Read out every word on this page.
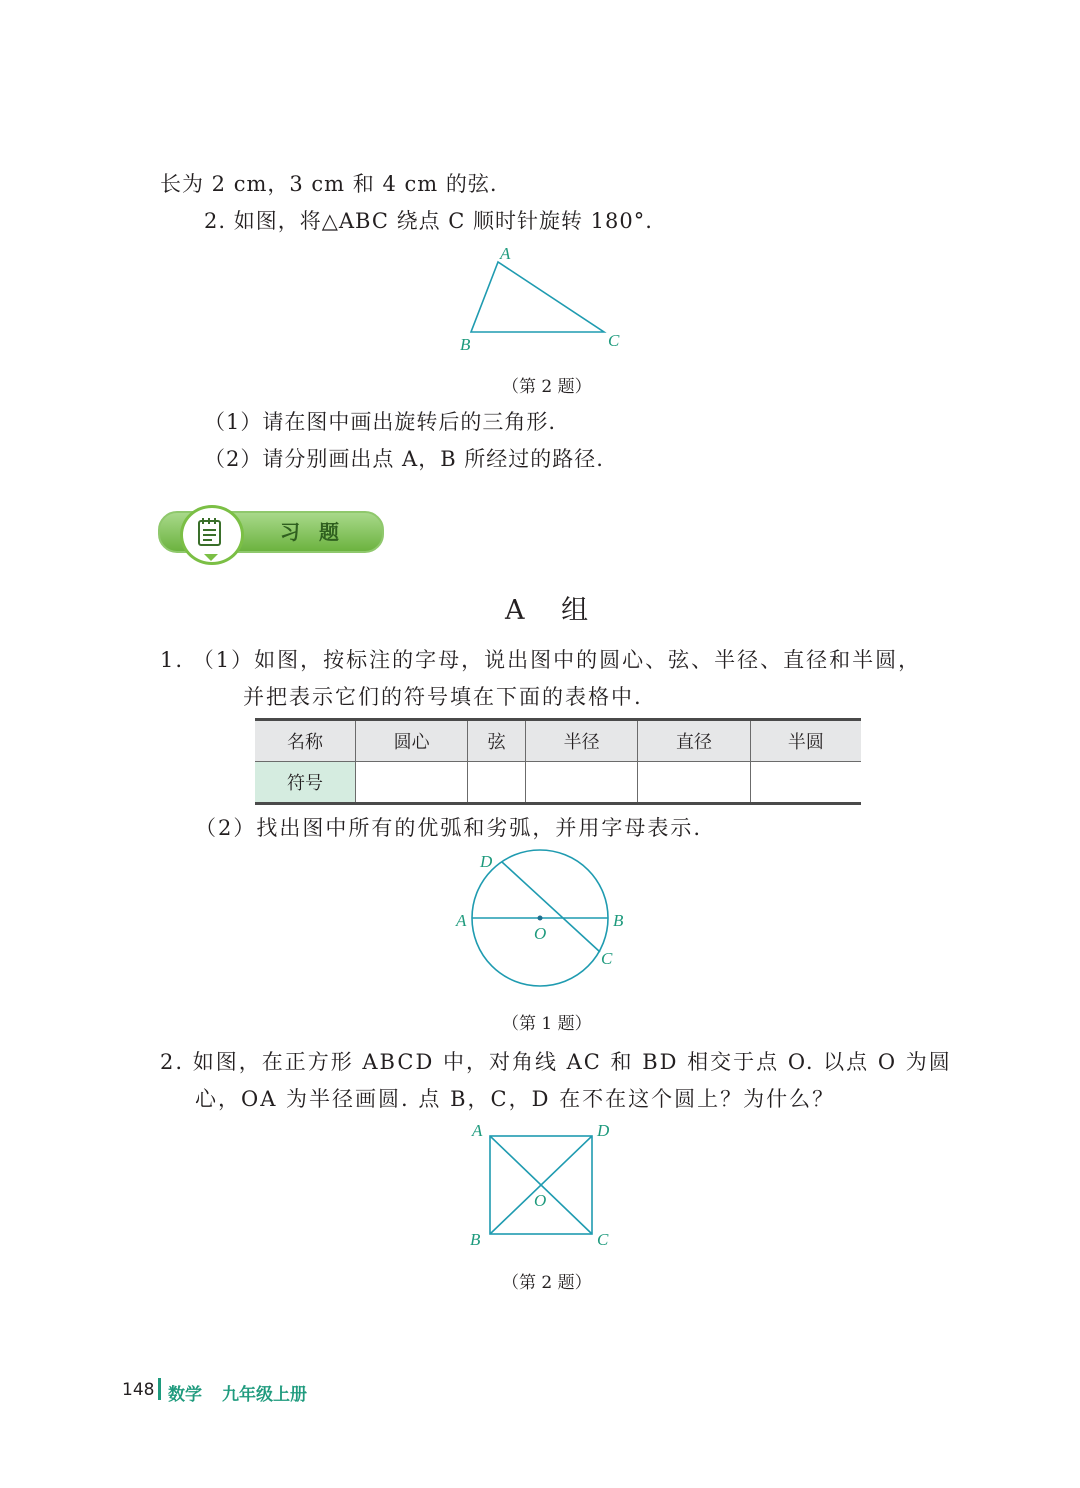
长为 2 cm，3 cm 和 4 cm 的弦.
2. 如图，将△ABC 绕点 C 顺时针旋转 180°.
A
B	C
（第 2 题）
（1）请在图中画出旋转后的三角形.
（2）请分别画出点 A，B 所经过的路径.
习 题
A 组
1. （1）如图，按标注的字母，说出图中的圆心、弦、半径、直径和半圆，
并把表示它们的符号填在下面的表格中.
名称	圆心	弦	半径	直径	半圆
符号					
（2）找出图中所有的优弧和劣弧，并用字母表示.
D
A	B
O
C
（第 1 题）
2. 如图，在正方形 ABCD 中，对角线 AC 和 BD 相交于点 O. 以点 O 为圆
心，OA 为半径画圆. 点 B，C，D 在不在这个圆上？为什么？
A	D
O
B	C
（第 2 题）
148 数学 九年级上册
